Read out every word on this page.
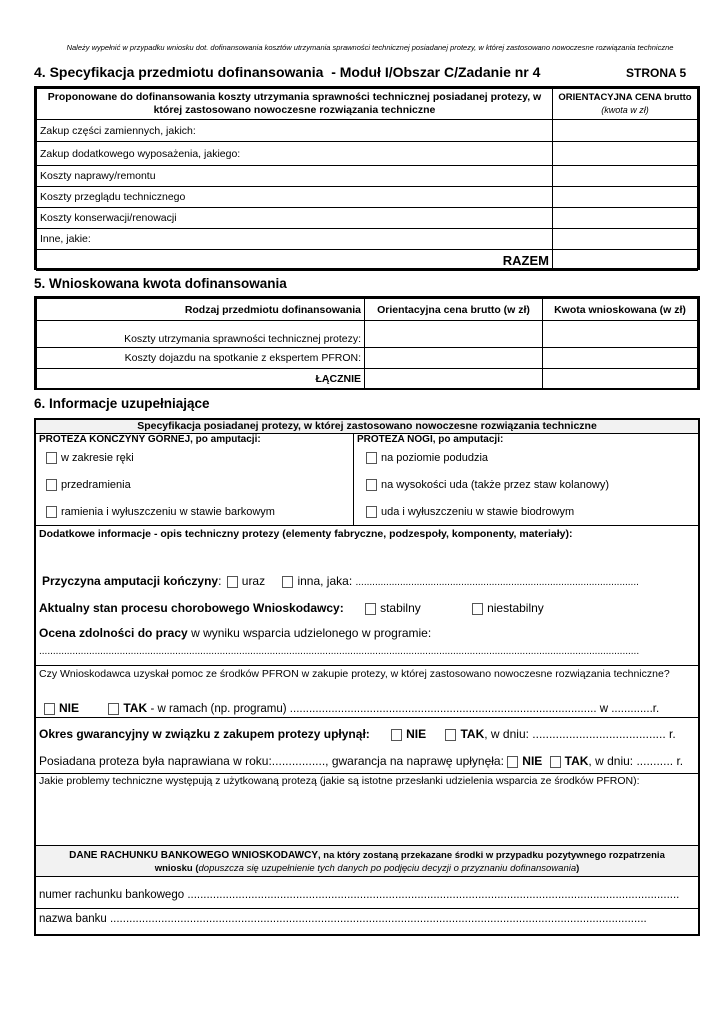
Należy wypełnić w przypadku wniosku dot. dofinansowania kosztów utrzymania sprawności technicznej posiadanej protezy, w której zastosowano nowoczesne rozwiązania techniczne
4. Specyfikacja przedmiotu dofinansowania - Moduł I/Obszar C/Zadanie nr 4	STRONA 5
Proponowane do dofinansowania koszty utrzymania sprawności technicznej posiadanej protezy, w której zastosowano nowoczesne rozwiązania techniczne	ORIENTACYJNA CENA brutto
(kwota w zł)

Zakup części zamiennych, jakich:	
Zakup dodatkowego wyposażenia, jakiego:	
Koszty naprawy/remontu	
Koszty przeglądu technicznego	
Koszty konserwacji/renowacji	
Inne, jakie:	
RAZEM	
5. Wnioskowana kwota dofinansowania
Rodzaj przedmiotu dofinansowania	Orientacyjna cena brutto (w zł)	Kwota wnioskowana (w zł)
Koszty utrzymania sprawności technicznej protezy:		
Koszty dojazdu na spotkanie z ekspertem PFRON:		
ŁĄCZNIE		
6. Informacje uzupełniające
Specyfikacja posiadanej protezy, w której zastosowano nowoczesne rozwiązania techniczne
PROTEZA KOŃCZYNY GÓRNEJ, po amputacji:
w zakresie ręki
przedramienia
ramienia i wyłuszczeniu w stawie barkowym
PROTEZA NOGI, po amputacji:
na poziomie podudzia
na wysokości uda (także przez staw kolanowy)
uda i wyłuszczeniu w stawie biodrowym
Dodatkowe informacje - opis techniczny protezy (elementy fabryczne, podzespoły, komponenty, materiały):
Przyczyna amputacji kończyny: uraz	inna, jaka: ......................................................................................................
Aktualny stan procesu chorobowego Wnioskodawcy:	stabilny	niestabilny
Ocena zdolności do pracy w wyniku wsparcia udzielonego w programie:
........................................................................................................................................................................................................................
Czy Wnioskodawca uzyskał pomoc ze środków PFRON w zakupie protezy, w której zastosowano nowoczesne rozwiązania techniczne?
NIE	TAK - w ramach (np. programu) ................................................................................................ w .............r.
Okres gwarancyjny w związku z zakupem protezy upłynął:	NIE	TAK, w dniu: ........................................ r.
Posiadana proteza była naprawiana w roku:................, gwarancja na naprawę upłynęła: NIE TAK, w dniu: ........... r.
Jakie problemy techniczne występują z użytkowaną protezą (jakie są istotne przesłanki udzielenia wsparcia ze środków PFRON):
DANE RACHUNKU BANKOWEGO WNIOSKODAWCY, na który zostaną przekazane środki w przypadku pozytywnego rozpatrzenia
wniosku (dopuszcza się uzupełnienie tych danych po podjęciu decyzji o przyznaniu dofinansowania)
numer rachunku bankowego ..........................................................................................................................................................
nazwa banku ........................................................................................................................................................................
